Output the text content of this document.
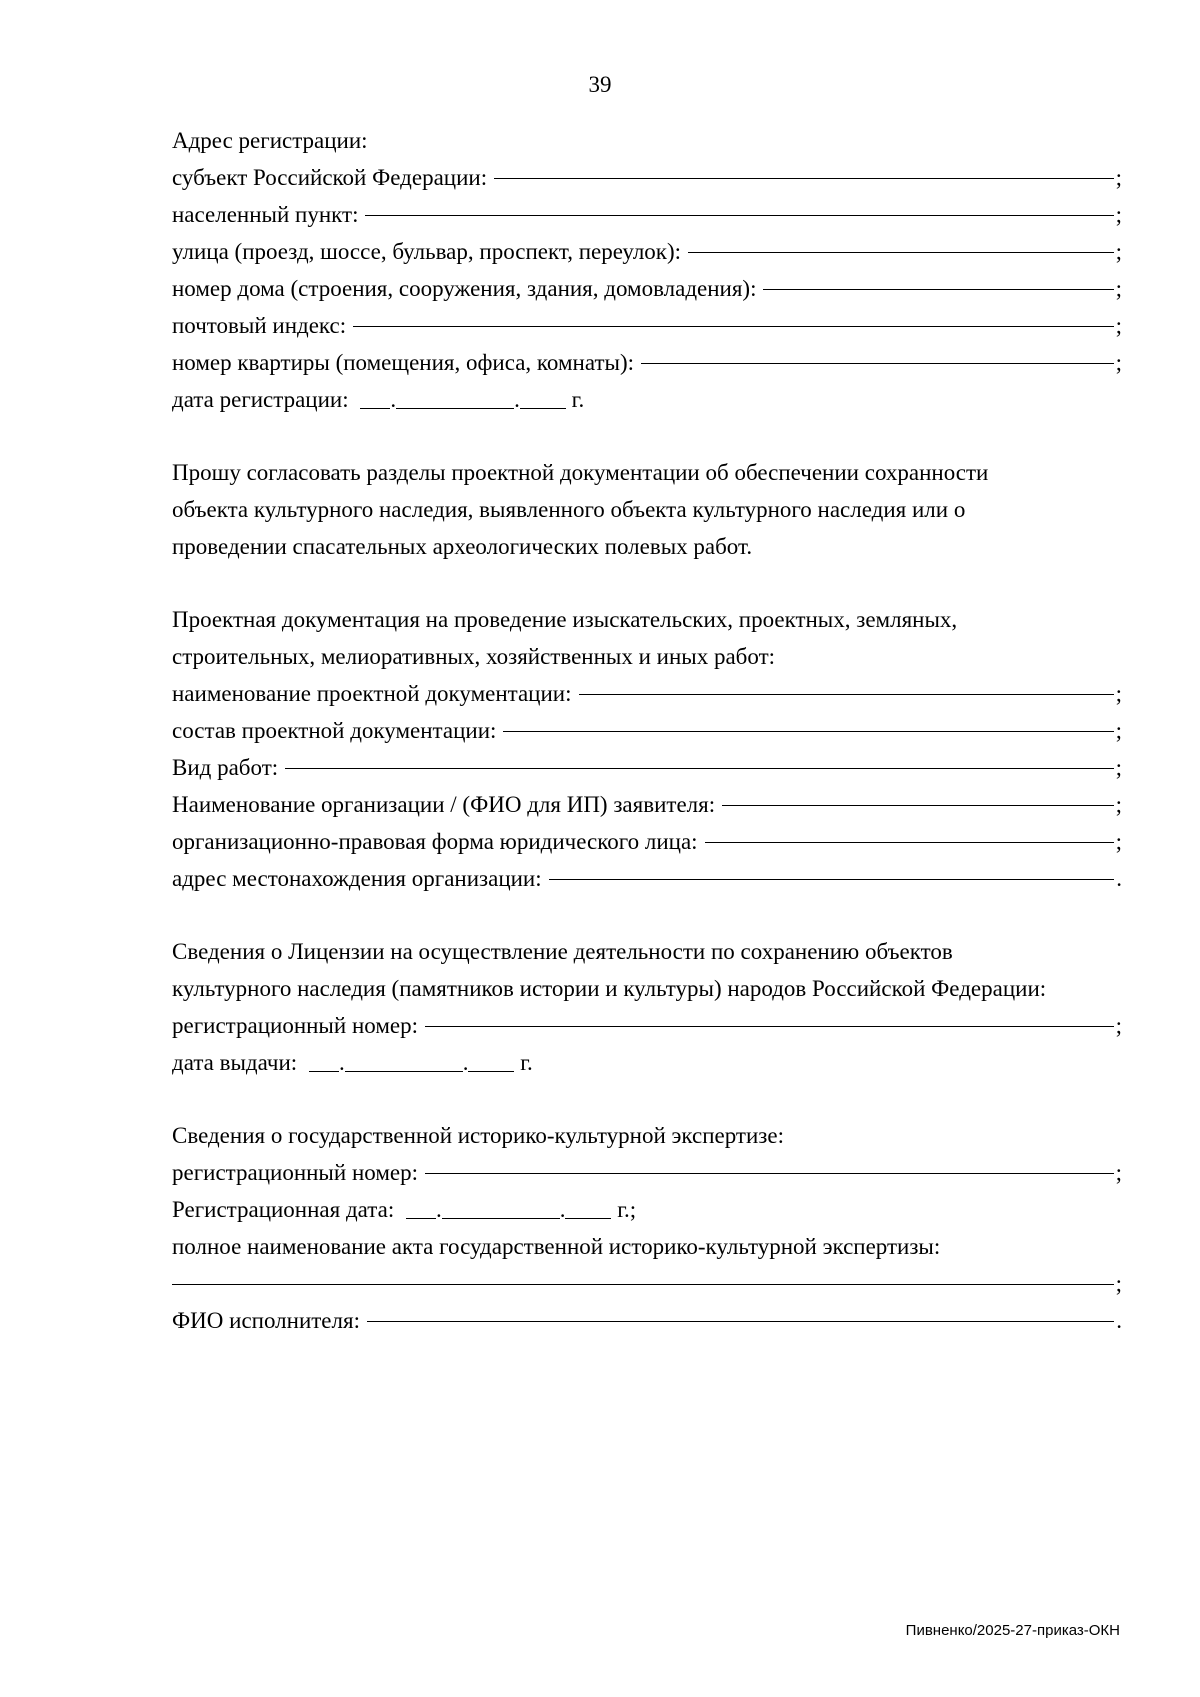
39
Адрес регистрации:
субъект Российской Федерации:	;
населенный пункт:	;
улица (проезд, шоссе, бульвар, проспект, переулок):	;
номер дома (строения, сооружения, здания, домовладения):	;
почтовый индекс:	;
номер квартиры (помещения, офиса, комнаты):	;
дата регистрации: .	. г.
Прошу согласовать разделы проектной документации об обеспечении сохранности
объекта культурного наследия, выявленного объекта культурного наследия или о
проведении спасательных археологических полевых работ.
Проектная документация на проведение изыскательских, проектных, земляных,
строительных, мелиоративных, хозяйственных и иных работ:
наименование проектной документации:	;
состав проектной документации:	;
Вид работ:	;
Наименование организации / (ФИО для ИП) заявителя:	;
организационно-правовая форма юридического лица:	;
адрес местонахождения организации:	.
Сведения о Лицензии на осуществление деятельности по сохранению объектов
культурного наследия (памятников истории и культуры) народов Российской Федерации:
регистрационный номер:	;
дата выдачи: .	. г.
Сведения о государственной историко-культурной экспертизе:
регистрационный номер:	;
Регистрационная дата: .	. г.;
полное наименование акта государственной историко-культурной экспертизы:
;
ФИО исполнителя:	.
Пивненко/2025-27-приказ-ОКН
